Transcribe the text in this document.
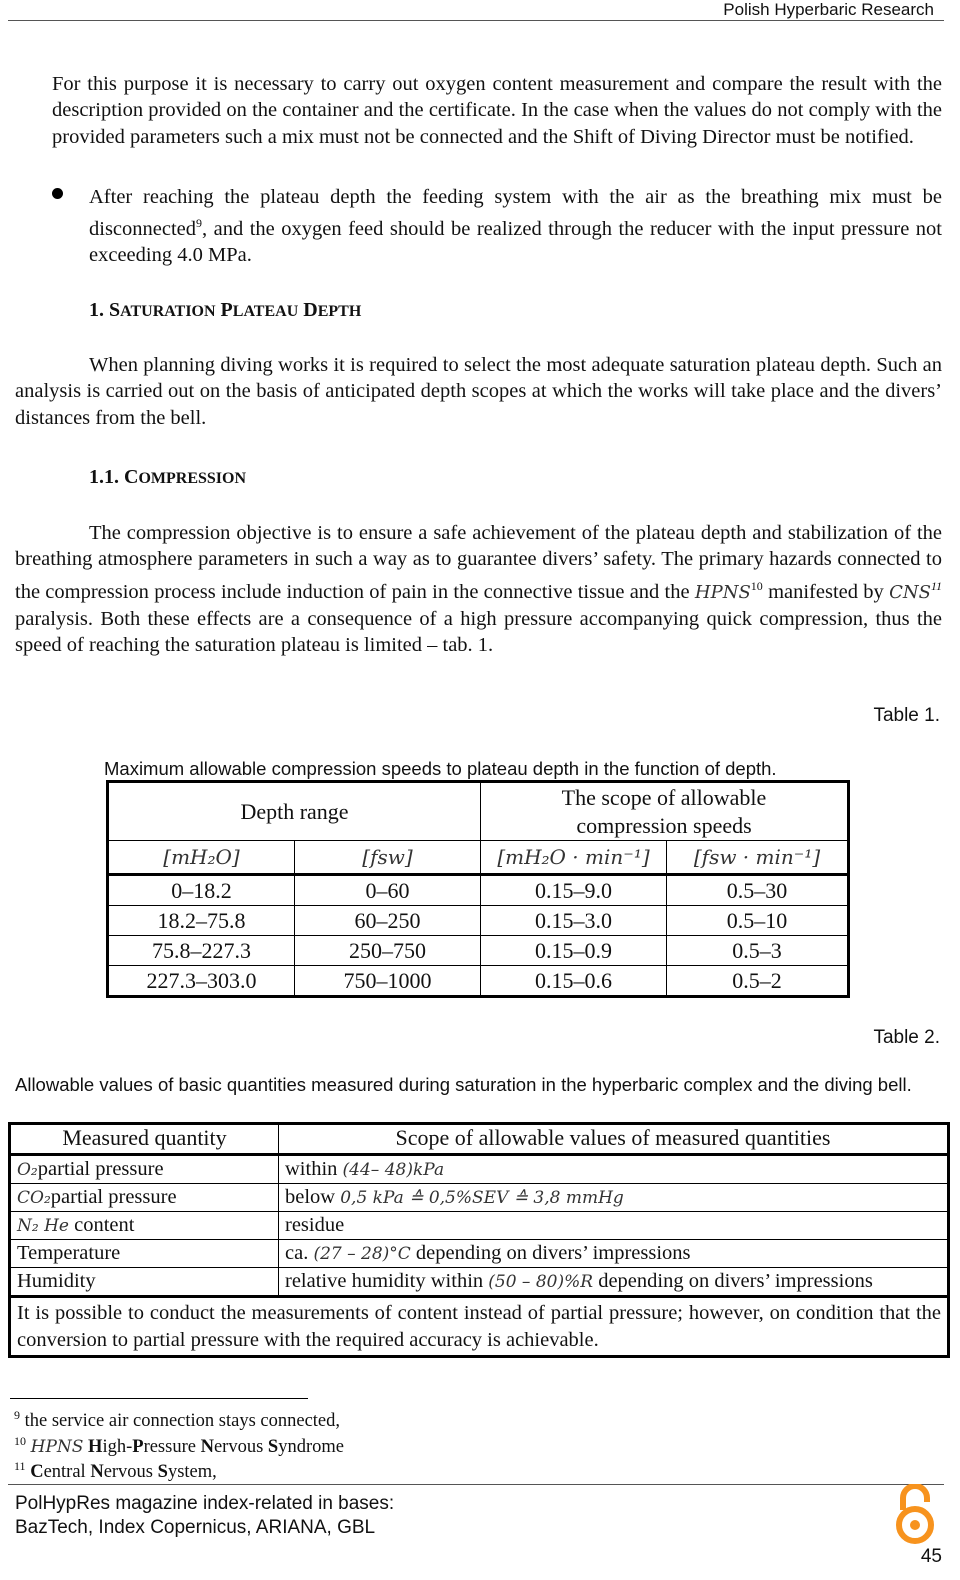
Polish Hyperbaric Research
For this purpose it is necessary to carry out oxygen content measurement and compare the result with the description provided on the container and the certificate. In the case when the values do not comply with the provided parameters such a mix must not be connected and the Shift of Diving Director must be notified.
After reaching the plateau depth the feeding system with the air as the breathing mix must be disconnected$^9$, and the oxygen feed should be realized through the reducer with the input pressure not exceeding 4.0 MPa.
1. SATURATION PLATEAU DEPTH
When planning diving works it is required to select the most adequate saturation plateau depth. Such an analysis is carried out on the basis of anticipated depth scopes at which the works will take place and the divers’ distances from the bell.
1.1. COMPRESSION
The compression objective is to ensure a safe achievement of the plateau depth and stabilization of the breathing atmosphere parameters in such a way as to guarantee divers’ safety. The primary hazards connected to the compression process include induction of pain in the connective tissue and the HPNS$^{10}$ manifested by CNS$^{11}$ paralysis. Both these effects are a consequence of a high pressure accompanying quick compression, thus the speed of reaching the saturation plateau is limited – tab. 1.
Table 1.
Maximum allowable compression speeds to plateau depth in the function of depth.
Depth range		The scope of allowable
compression speeds	

[mH₂O]	[fsw]	[mH₂O · min⁻¹]	[fsw · min⁻¹]
0–18.2	0–60	0.15–9.0	0.5–30
18.2–75.8	60–250	0.15–3.0	0.5–10
75.8–227.3	250–750	0.15–0.9	0.5–3
227.3–303.0	750–1000	0.15–0.6	0.5–2
Table 2.
Allowable values of basic quantities measured during saturation in the hyperbaric complex and the diving bell.
Measured quantity	Scope of allowable values of measured quantities
O₂partial pressure	within (44– 48)kPa
CO₂partial pressure	below 0,5 kPa ≙ 0,5%SEV ≙ 3,8 mmHg
N₂ He content	residue
Temperature	ca. (27 – 28)°C depending on divers’ impressions
Humidity	relative humidity within (50 – 80)%R depending on divers’ impressions
It is possible to conduct the measurements of content instead of partial pressure; however, on condition that the conversion to partial pressure with the required accuracy is achievable.	
$^9$ the service air connection stays connected,
$^{10}$ HPNS High-Pressure Nervous Syndrome
$^{11}$ Central Nervous System,
PolHypRes magazine index-related in bases:
BazTech, Index Copernicus, ARIANA, GBL
45
